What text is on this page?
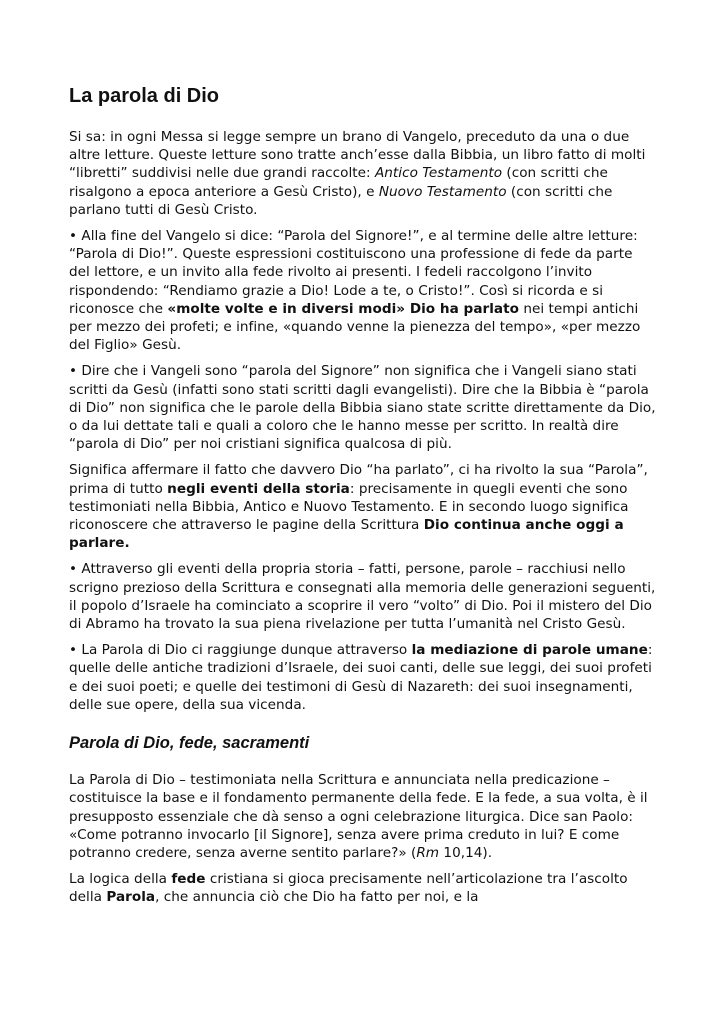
La parola di Dio

Si sa: in ogni Messa si legge sempre un brano di Vangelo, preceduto da una o due altre letture. Queste letture sono tratte anch’esse dalla Bibbia, un libro fatto di molti “libretti” suddivisi nelle due grandi raccolte: Antico Testamento (con scritti che risalgono a epoca anteriore a Gesù Cristo), e Nuovo Testamento (con scritti che parlano tutti di Gesù Cristo.

• Alla fine del Vangelo si dice: “Parola del Signore!”, e al termine delle altre letture: “Parola di Dio!”. Queste espressioni costituiscono una professione di fede da parte del lettore, e un invito alla fede rivolto ai presenti. I fedeli raccolgono l’invito rispondendo: “Rendiamo grazie a Dio! Lode a te, o Cristo!”. Così si ricorda e si riconosce che «molte volte e in diversi modi» Dio ha parlato nei tempi antichi per mezzo dei profeti; e infine, «quando venne la pienezza del tempo», «per mezzo del Figlio» Gesù.

• Dire che i Vangeli sono “parola del Signore” non significa che i Vangeli siano stati scritti da Gesù (infatti sono stati scritti dagli evangelisti). Dire che la Bibbia è “parola di Dio” non significa che le parole della Bibbia siano state scritte direttamente da Dio, o da lui dettate tali e quali a coloro che le hanno messe per scritto. In realtà dire “parola di Dio” per noi cristiani significa qualcosa di più.

Significa affermare il fatto che davvero Dio “ha parlato”, ci ha rivolto la sua “Parola”, prima di tutto negli eventi della storia: precisamente in quegli eventi che sono testimoniati nella Bibbia, Antico e Nuovo Testamento. E in secondo luogo significa riconoscere che attraverso le pagine della Scrittura Dio continua anche oggi a parlare.

• Attraverso gli eventi della propria storia – fatti, persone, parole – racchiusi nello scrigno prezioso della Scrittura e consegnati alla memoria delle generazioni seguenti, il popolo d’Israele ha cominciato a scoprire il vero “volto” di Dio. Poi il mistero del Dio di Abramo ha trovato la sua piena rivelazione per tutta l’umanità nel Cristo Gesù.

• La Parola di Dio ci raggiunge dunque attraverso la mediazione di parole umane: quelle delle antiche tradizioni d’Israele, dei suoi canti, delle sue leggi, dei suoi profeti e dei suoi poeti; e quelle dei testimoni di Gesù di Nazareth: dei suoi insegnamenti, delle sue opere, della sua vicenda.

Parola di Dio, fede, sacramenti

La Parola di Dio – testimoniata nella Scrittura e annunciata nella predicazione – costituisce la base e il fondamento permanente della fede. E la fede, a sua volta, è il presupposto essenziale che dà senso a ogni celebrazione liturgica. Dice san Paolo: «Come potranno invocarlo [il Signore], senza avere prima creduto in lui? E come potranno credere, senza averne sentito parlare?» (Rm 10,14).

La logica della fede cristiana si gioca precisamente nell’articolazione tra l’ascolto della Parola, che annuncia ciò che Dio ha fatto per noi, e la
